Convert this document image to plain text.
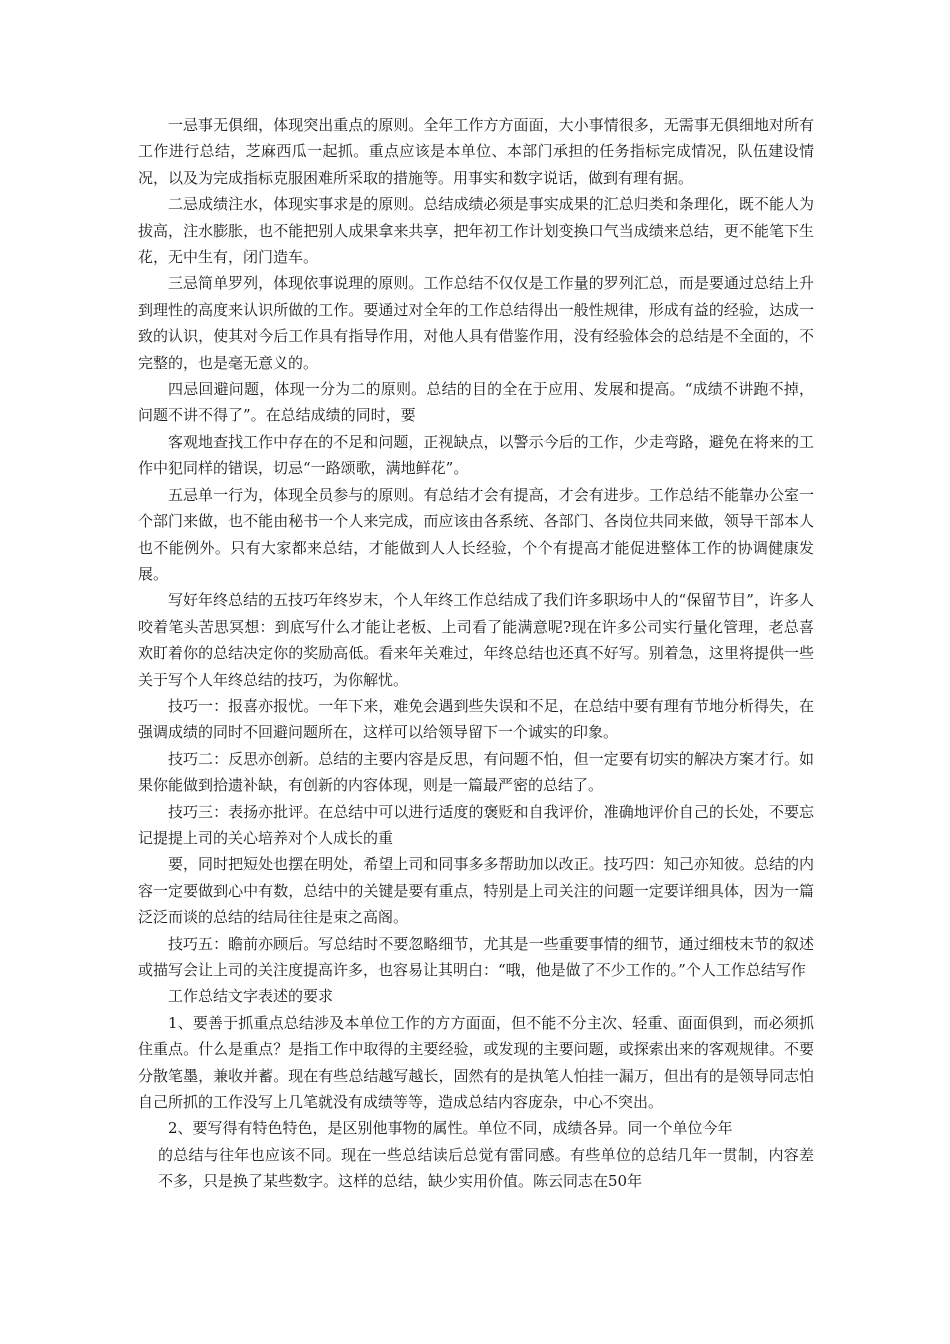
一忌事无俱细，体现突出重点的原则。全年工作方方面面，大小事情很多，无需事无俱细地对所有工作进行总结，芝麻西瓜一起抓。重点应该是本单位、本部门承担的任务指标完成情况，队伍建设情况，以及为完成指标克服困难所采取的措施等。用事实和数字说话，做到有理有据。

二忌成绩注水，体现实事求是的原则。总结成绩必须是事实成果的汇总归类和条理化，既不能人为拔高，注水膨胀，也不能把别人成果拿来共享，把年初工作计划变换口气当成绩来总结，更不能笔下生花，无中生有，闭门造车。

三忌简单罗列，体现依事说理的原则。工作总结不仅仅是工作量的罗列汇总，而是要通过总结上升到理性的高度来认识所做的工作。要通过对全年的工作总结得出一般性规律，形成有益的经验，达成一致的认识，使其对今后工作具有指导作用，对他人具有借鉴作用，没有经验体会的总结是不全面的，不完整的，也是毫无意义的。

四忌回避问题，体现一分为二的原则。总结的目的全在于应用、发展和提高。“成绩不讲跑不掉，问题不讲不得了”。在总结成绩的同时，要

客观地查找工作中存在的不足和问题，正视缺点，以警示今后的工作，少走弯路，避免在将来的工作中犯同样的错误，切忌“一路颂歌，满地鲜花”。

五忌单一行为，体现全员参与的原则。有总结才会有提高，才会有进步。工作总结不能靠办公室一个部门来做，也不能由秘书一个人来完成，而应该由各系统、各部门、各岗位共同来做，领导干部本人也不能例外。只有大家都来总结，才能做到人人长经验，个个有提高才能促进整体工作的协调健康发展。

写好年终总结的五技巧年终岁末，个人年终工作总结成了我们许多职场中人的“保留节目”，许多人咬着笔头苦思冥想：到底写什么才能让老板、上司看了能满意呢?现在许多公司实行量化管理，老总喜欢盯着你的总结决定你的奖励高低。看来年关难过，年终总结也还真不好写。别着急，这里将提供一些关于写个人年终总结的技巧，为你解忧。

技巧一：报喜亦报忧。一年下来，难免会遇到些失误和不足，在总结中要有理有节地分析得失，在强调成绩的同时不回避问题所在，这样可以给领导留下一个诚实的印象。

技巧二：反思亦创新。总结的主要内容是反思，有问题不怕，但一定要有切实的解决方案才行。如果你能做到拾遗补缺，有创新的内容体现，则是一篇最严密的总结了。

技巧三：表扬亦批评。在总结中可以进行适度的褒贬和自我评价，准确地评价自己的长处，不要忘记提提上司的关心培养对个人成长的重

要，同时把短处也摆在明处，希望上司和同事多多帮助加以改正。技巧四：知己亦知彼。总结的内容一定要做到心中有数，总结中的关键是要有重点，特别是上司关注的问题一定要详细具体，因为一篇泛泛而谈的总结的结局往往是束之高阁。

技巧五：瞻前亦顾后。写总结时不要忽略细节，尤其是一些重要事情的细节，通过细枝末节的叙述或描写会让上司的关注度提高许多，也容易让其明白：“哦，他是做了不少工作的。”个人工作总结写作

工作总结文字表述的要求

1、要善于抓重点总结涉及本单位工作的方方面面，但不能不分主次、轻重、面面俱到，而必须抓住重点。什么是重点？是指工作中取得的主要经验，或发现的主要问题，或探索出来的客观规律。不要分散笔墨，兼收并蓄。现在有些总结越写越长，固然有的是执笔人怕挂一漏万，但出有的是领导同志怕自己所抓的工作没写上几笔就没有成绩等等，造成总结内容庞杂，中心不突出。

2、要写得有特色特色，是区别他事物的属性。单位不同，成绩各异。同一个单位今年

的总结与往年也应该不同。现在一些总结读后总觉有雷同感。有些单位的总结几年一贯制，内容差不多，只是换了某些数字。这样的总结，缺少实用价值。陈云同志在50年
